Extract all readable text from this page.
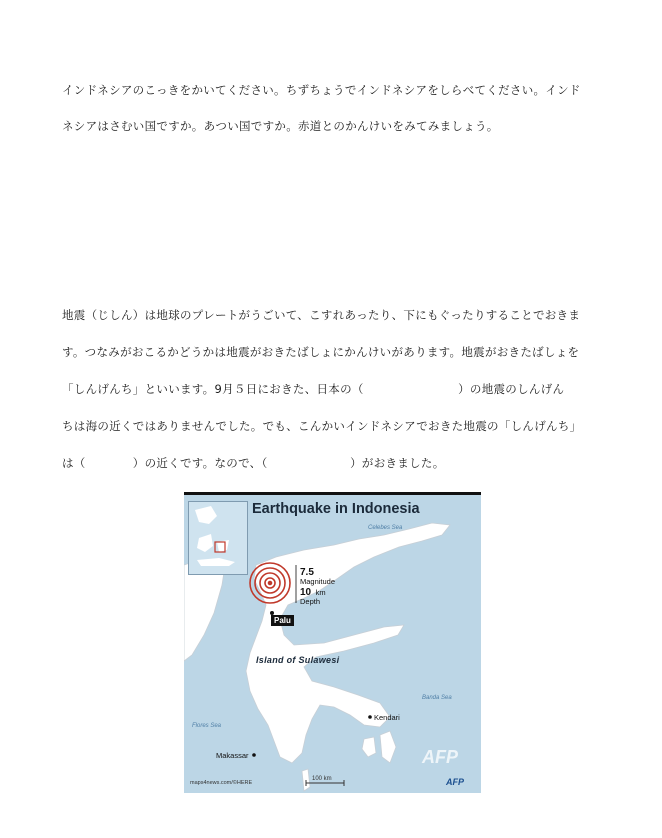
インドネシアのこっきをかいてください。ちずちょうでインドネシアをしらべてください。インド
ネシアはさむい国ですか。あつい国ですか。赤道とのかんけいをみてみましょう。
地震（じしん）は地球のプレートがうごいて、こすれあったり、下にもぐったりすることでおきま
す。つなみがおこるかどうかは地震がおきたばしょにかんけいがあります。地震がおきたばしょを
「しんげんち」といいます。9月５日におきた、日本の（　　　　　　　　）の地震のしんげん
ちは海の近くではありませんでした。でも、こんかいインドネシアでおきた地震の「しんげんち」
は（　　　　）の近くです。なので、（　　　　　　　）がおきました。
Earthquake in Indonesia
Celebes Sea
Banda Sea
Flores Sea
7.5
Magnitude
10 km
Depth
Palu
Island of Sulawesi
Kendari
Makassar
100 km
maps4news.com/©HERE
AFP
AFP
